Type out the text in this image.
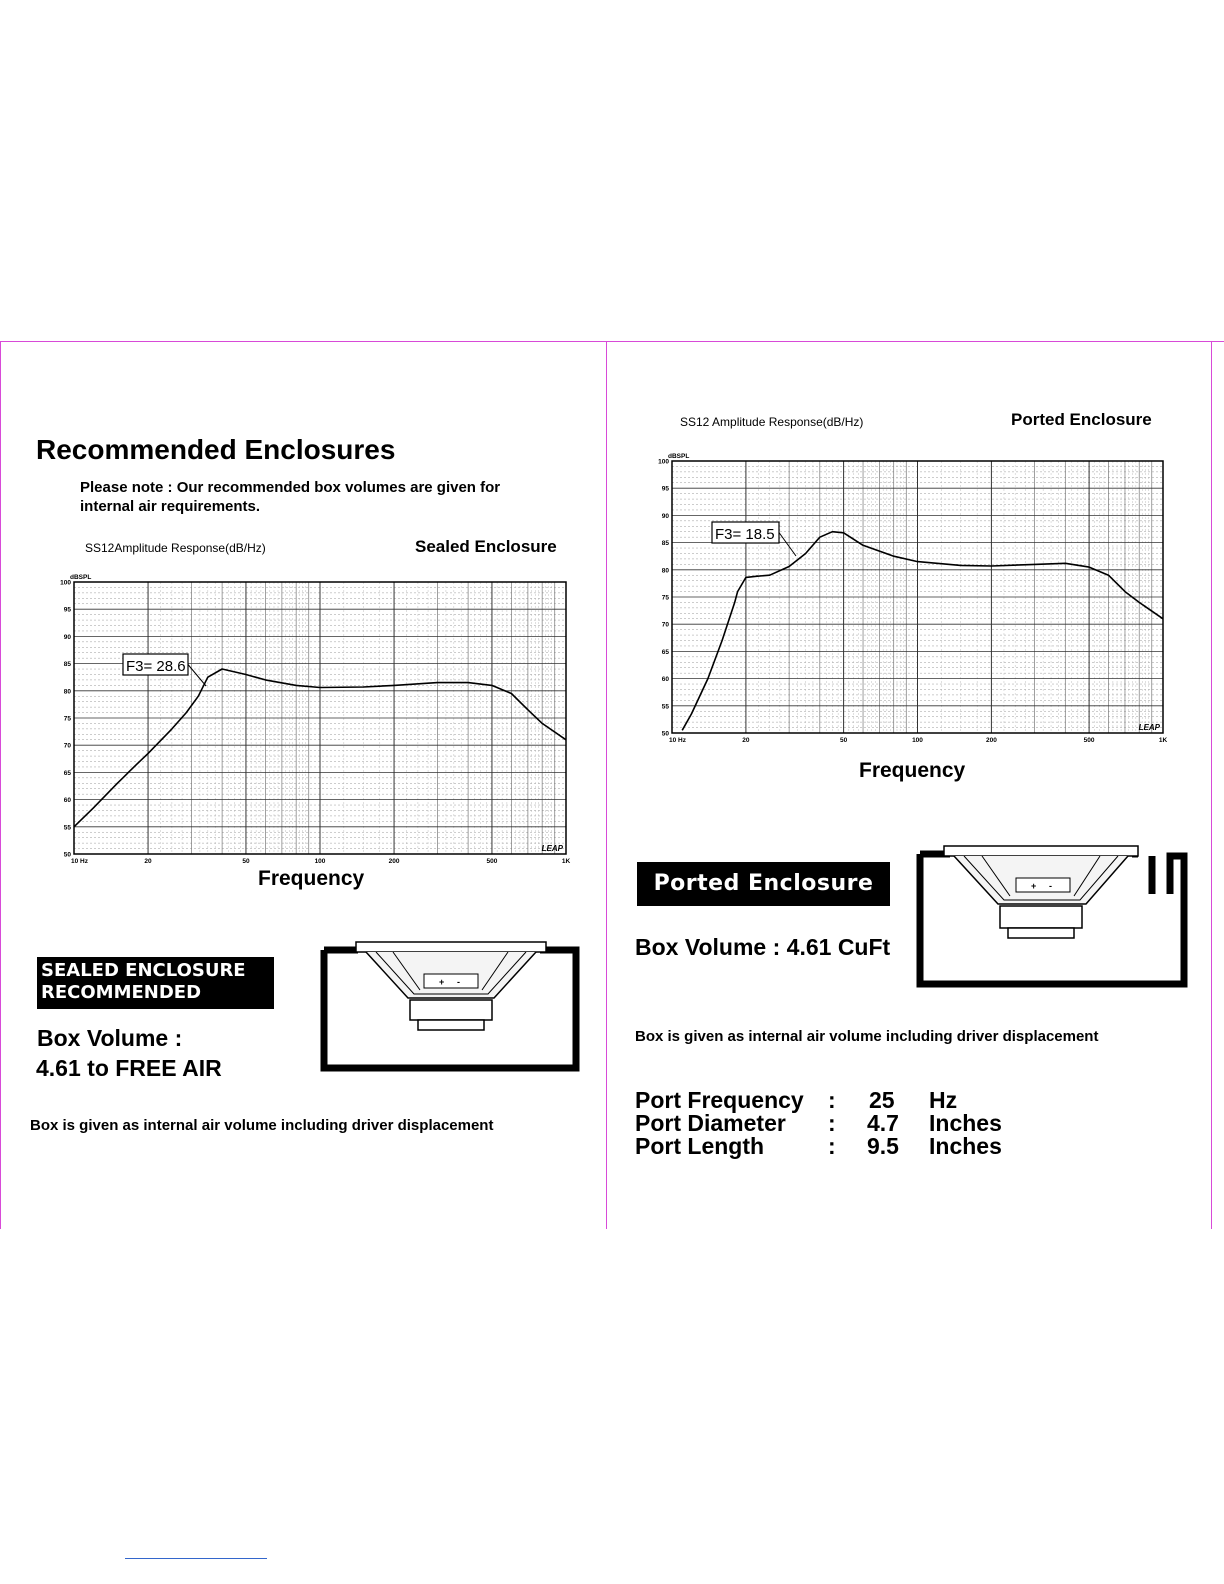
Recommended Enclosures
Please note : Our recommended box volumes are given for
internal air requirements.
SS12Amplitude Response(dB/Hz)	Sealed Enclosure
100
95
90
85
80
75
70
65
60
55
50
dBSPL
10 Hz	20	50	100	200	500	1K
LEAP
F3= 28.6
Frequency
SEALED ENCLOSURE
RECOMMENDED	+ -
Box Volume :
4.61 to FREE AIR
Box is given as internal air volume including driver displacement
SS12 Amplitude Response(dB/Hz)	Ported Enclosure
100
95
90
85
80
75
70
65
60
55
50
dBSPL
10 Hz	20	50	100	200	500	1K
LEAP
F3= 18.5
Frequency
Ported Enclosure	+ -
Box Volume : 4.61 CuFt
Box is given as internal air volume including driver displacement
Port Frequency : 25 Hz
Port Diameter : 4.7 Inches
Port Length	: 9.5 Inches
